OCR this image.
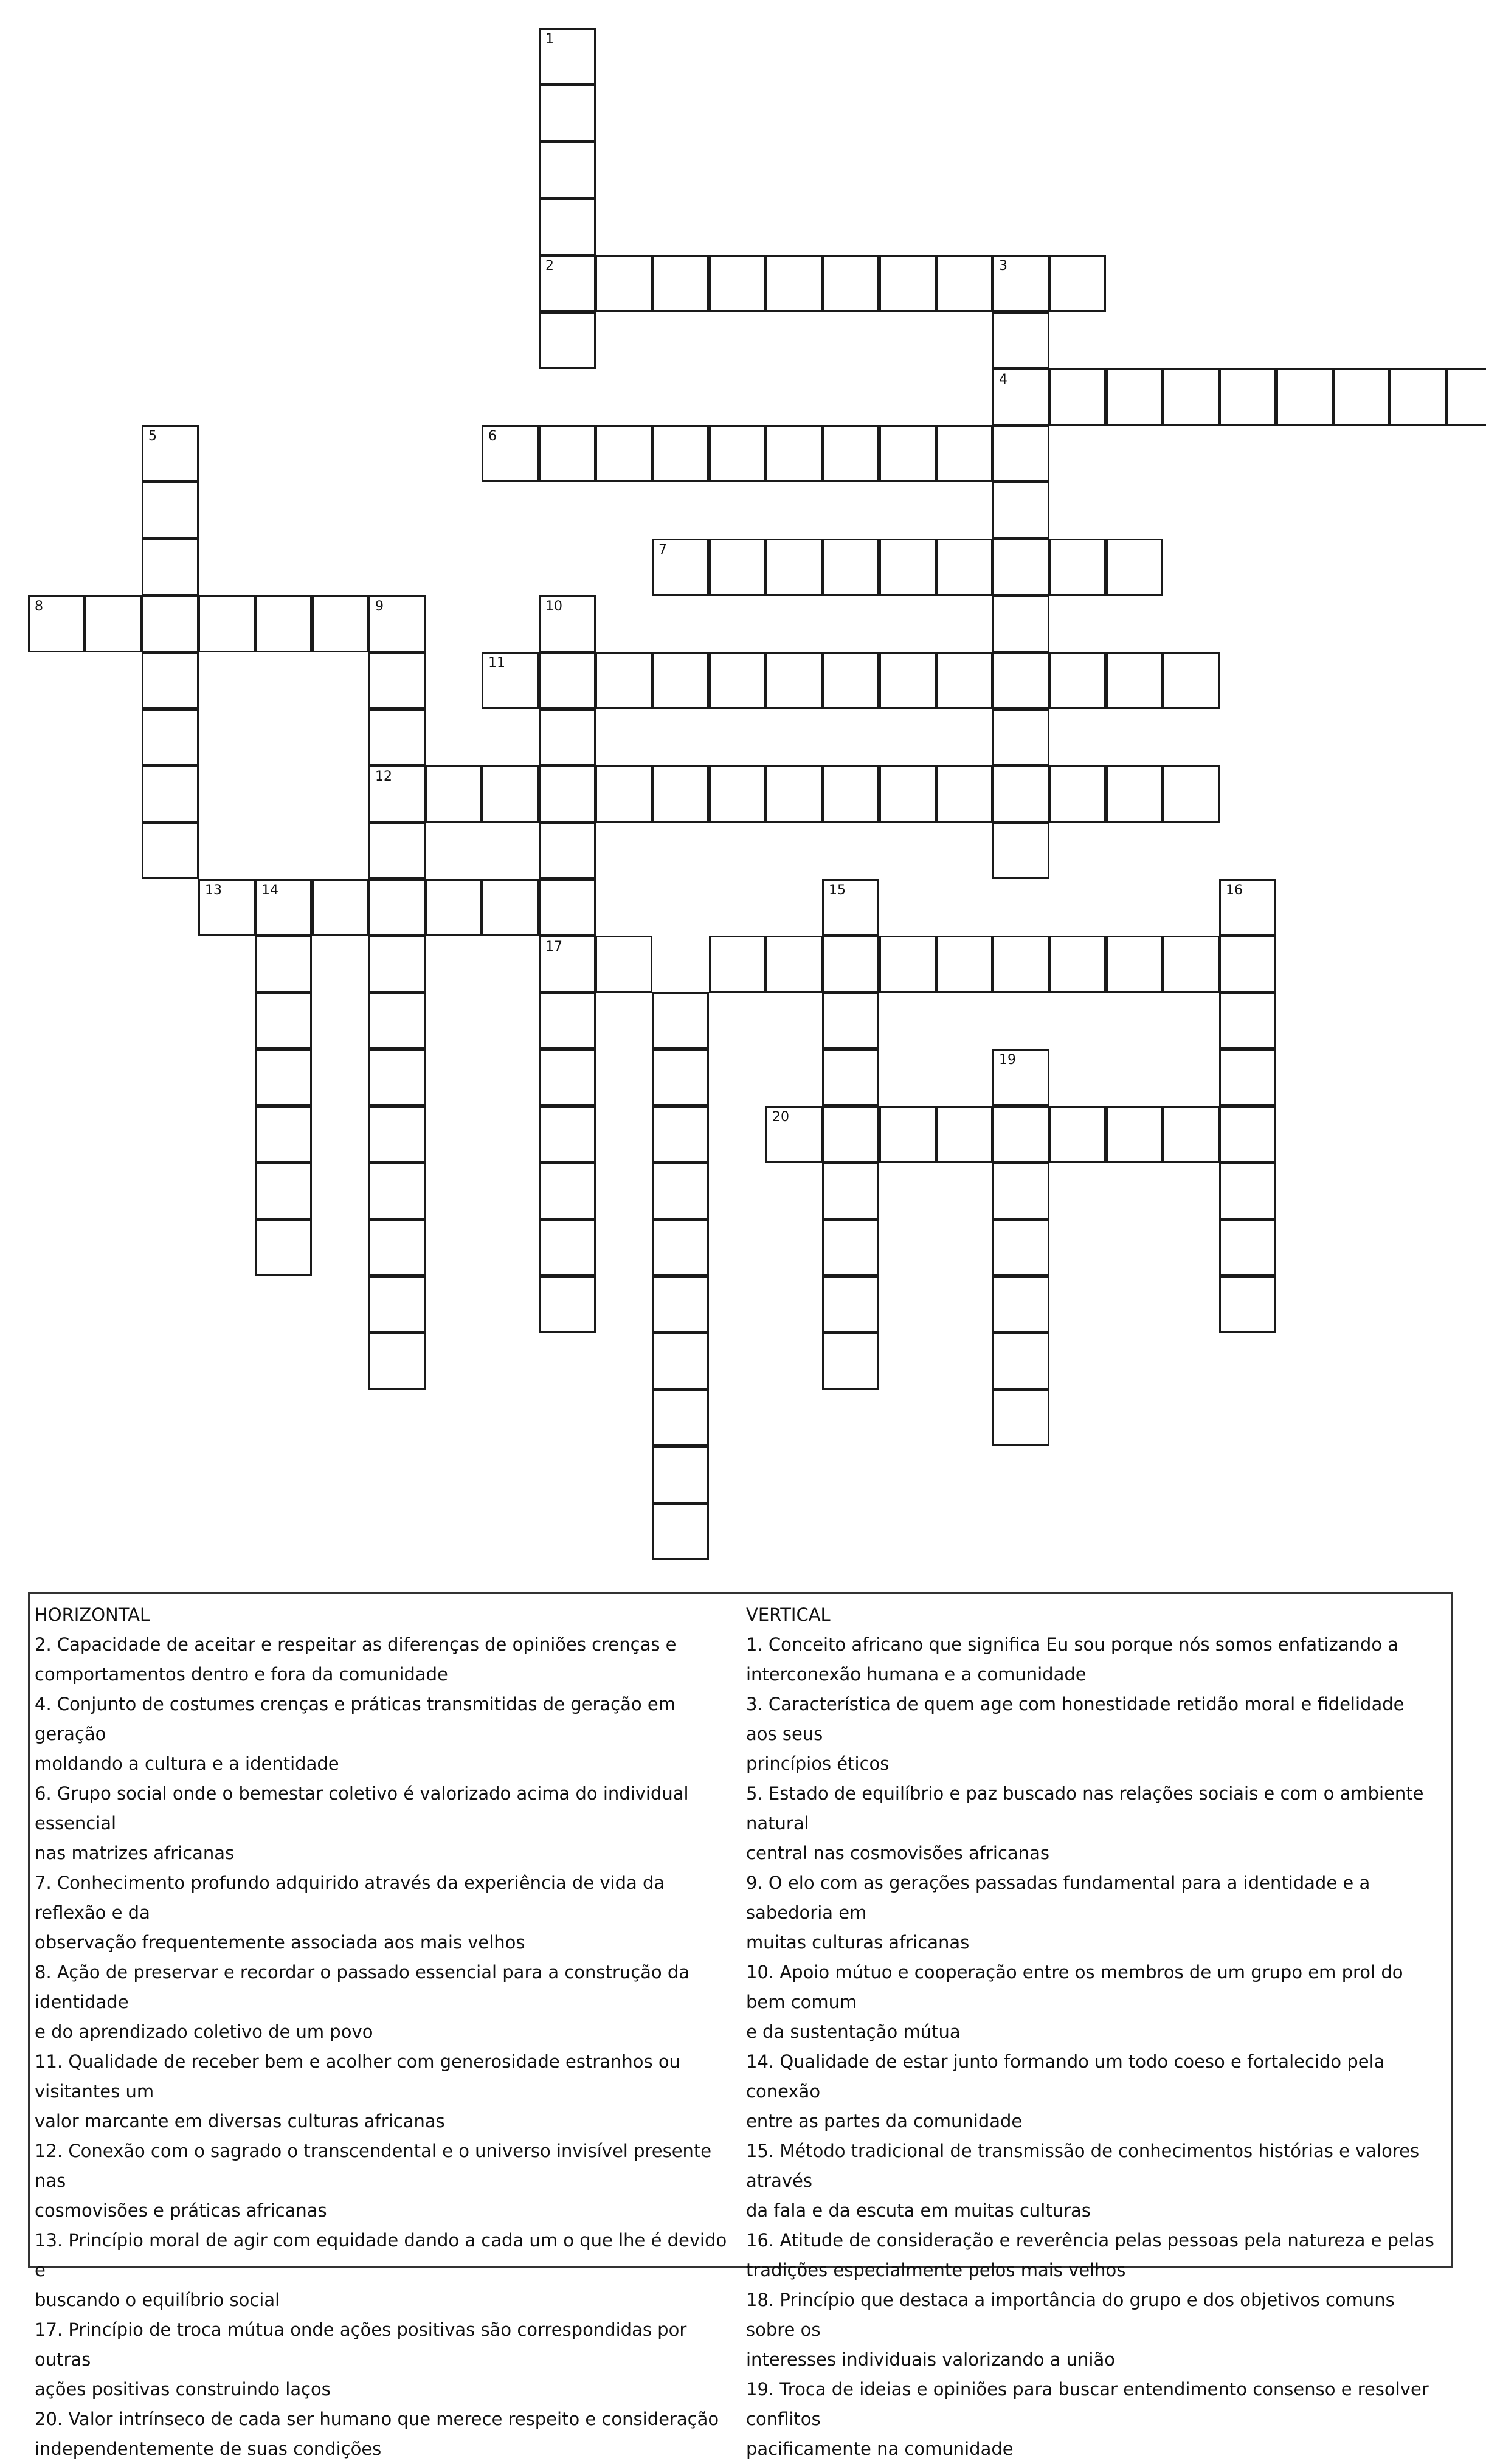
1
2	3
4
5	6
7
8	9
12
10
17
11
13	14	15	16
19
20

HORIZONTAL

2. Capacidade de aceitar e respeitar as diferenças de opiniões crenças e

comportamentos dentro e fora da comunidade

4. Conjunto de costumes crenças e práticas transmitidas de geração em geração

moldando a cultura e a identidade

6. Grupo social onde o bemestar coletivo é valorizado acima do individual essencial

nas matrizes africanas

7. Conhecimento profundo adquirido através da experiência de vida da reflexão e da

observação frequentemente associada aos mais velhos

8. Ação de preservar e recordar o passado essencial para a construção da identidade

e do aprendizado coletivo de um povo

11. Qualidade de receber bem e acolher com generosidade estranhos ou visitantes um

valor marcante em diversas culturas africanas

12. Conexão com o sagrado o transcendental e o universo invisível presente nas

cosmovisões e práticas africanas

13. Princípio moral de agir com equidade dando a cada um o que lhe é devido e

buscando o equilíbrio social

17. Princípio de troca mútua onde ações positivas são correspondidas por outras

ações positivas construindo laços

20. Valor intrínseco de cada ser humano que merece respeito e consideração

independentemente de suas condições

VERTICAL

1. Conceito africano que significa Eu sou porque nós somos enfatizando a

interconexão humana e a comunidade

3. Característica de quem age com honestidade retidão moral e fidelidade aos seus

princípios éticos

5. Estado de equilíbrio e paz buscado nas relações sociais e com o ambiente natural

central nas cosmovisões africanas

9. O elo com as gerações passadas fundamental para a identidade e a sabedoria em

muitas culturas africanas

10. Apoio mútuo e cooperação entre os membros de um grupo em prol do bem comum

e da sustentação mútua

14. Qualidade de estar junto formando um todo coeso e fortalecido pela conexão

entre as partes da comunidade

15. Método tradicional de transmissão de conhecimentos histórias e valores através

da fala e da escuta em muitas culturas

16. Atitude de consideração e reverência pelas pessoas pela natureza e pelas

tradições especialmente pelos mais velhos

18. Princípio que destaca a importância do grupo e dos objetivos comuns sobre os

interesses individuais valorizando a união

19. Troca de ideias e opiniões para buscar entendimento consenso e resolver conflitos

pacificamente na comunidade
